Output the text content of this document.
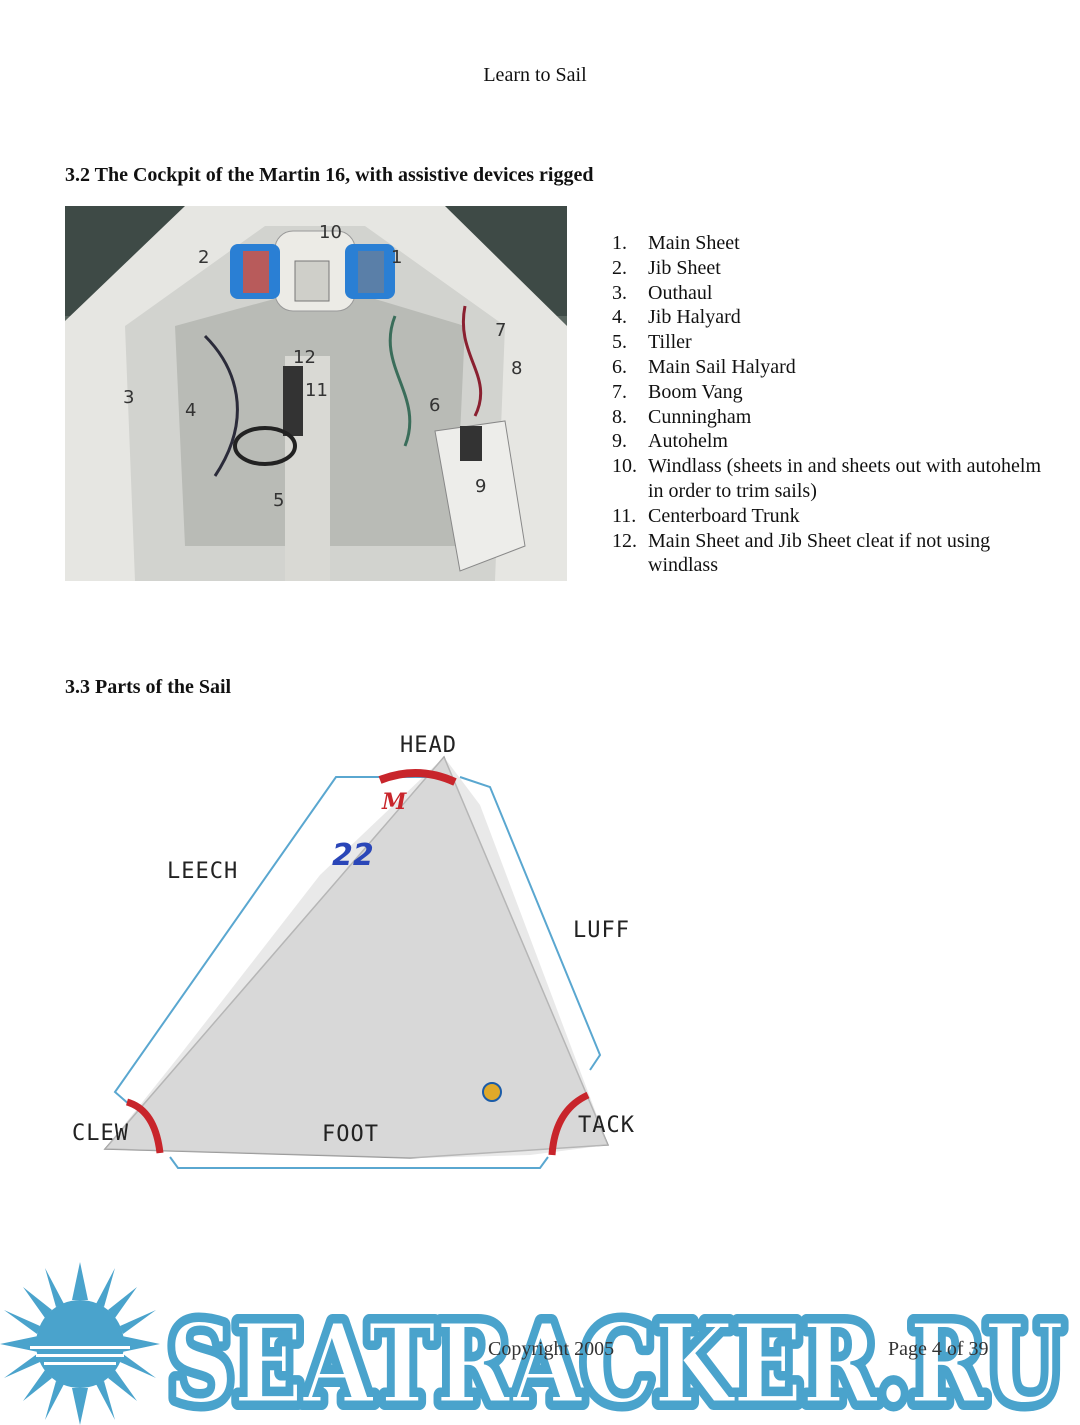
Learn to Sail
3.2 The Cockpit of the Martin 16, with assistive devices rigged
1
2
3
4
5
6
7
8
9
10
11
12
1.	Main Sheet
2.	Jib Sheet
3.	Outhaul
4.	Jib Halyard
5.	Tiller
6.	Main Sail Halyard
7.	Boom Vang
8.	Cunningham
9.	Autohelm
10. Windlass (sheets in and sheets out with autohelm in order to trim sails)
11. Centerboard Trunk
12. Main Sheet and Jib Sheet cleat if not using windlass
3.3 Parts of the Sail
M
22
HEAD
LEECH
LUFF
CLEW	FOOT	TACK
SEATRACKER.RU
SEATRACKER.RU
Copyright 2005	Page 4 of 39
